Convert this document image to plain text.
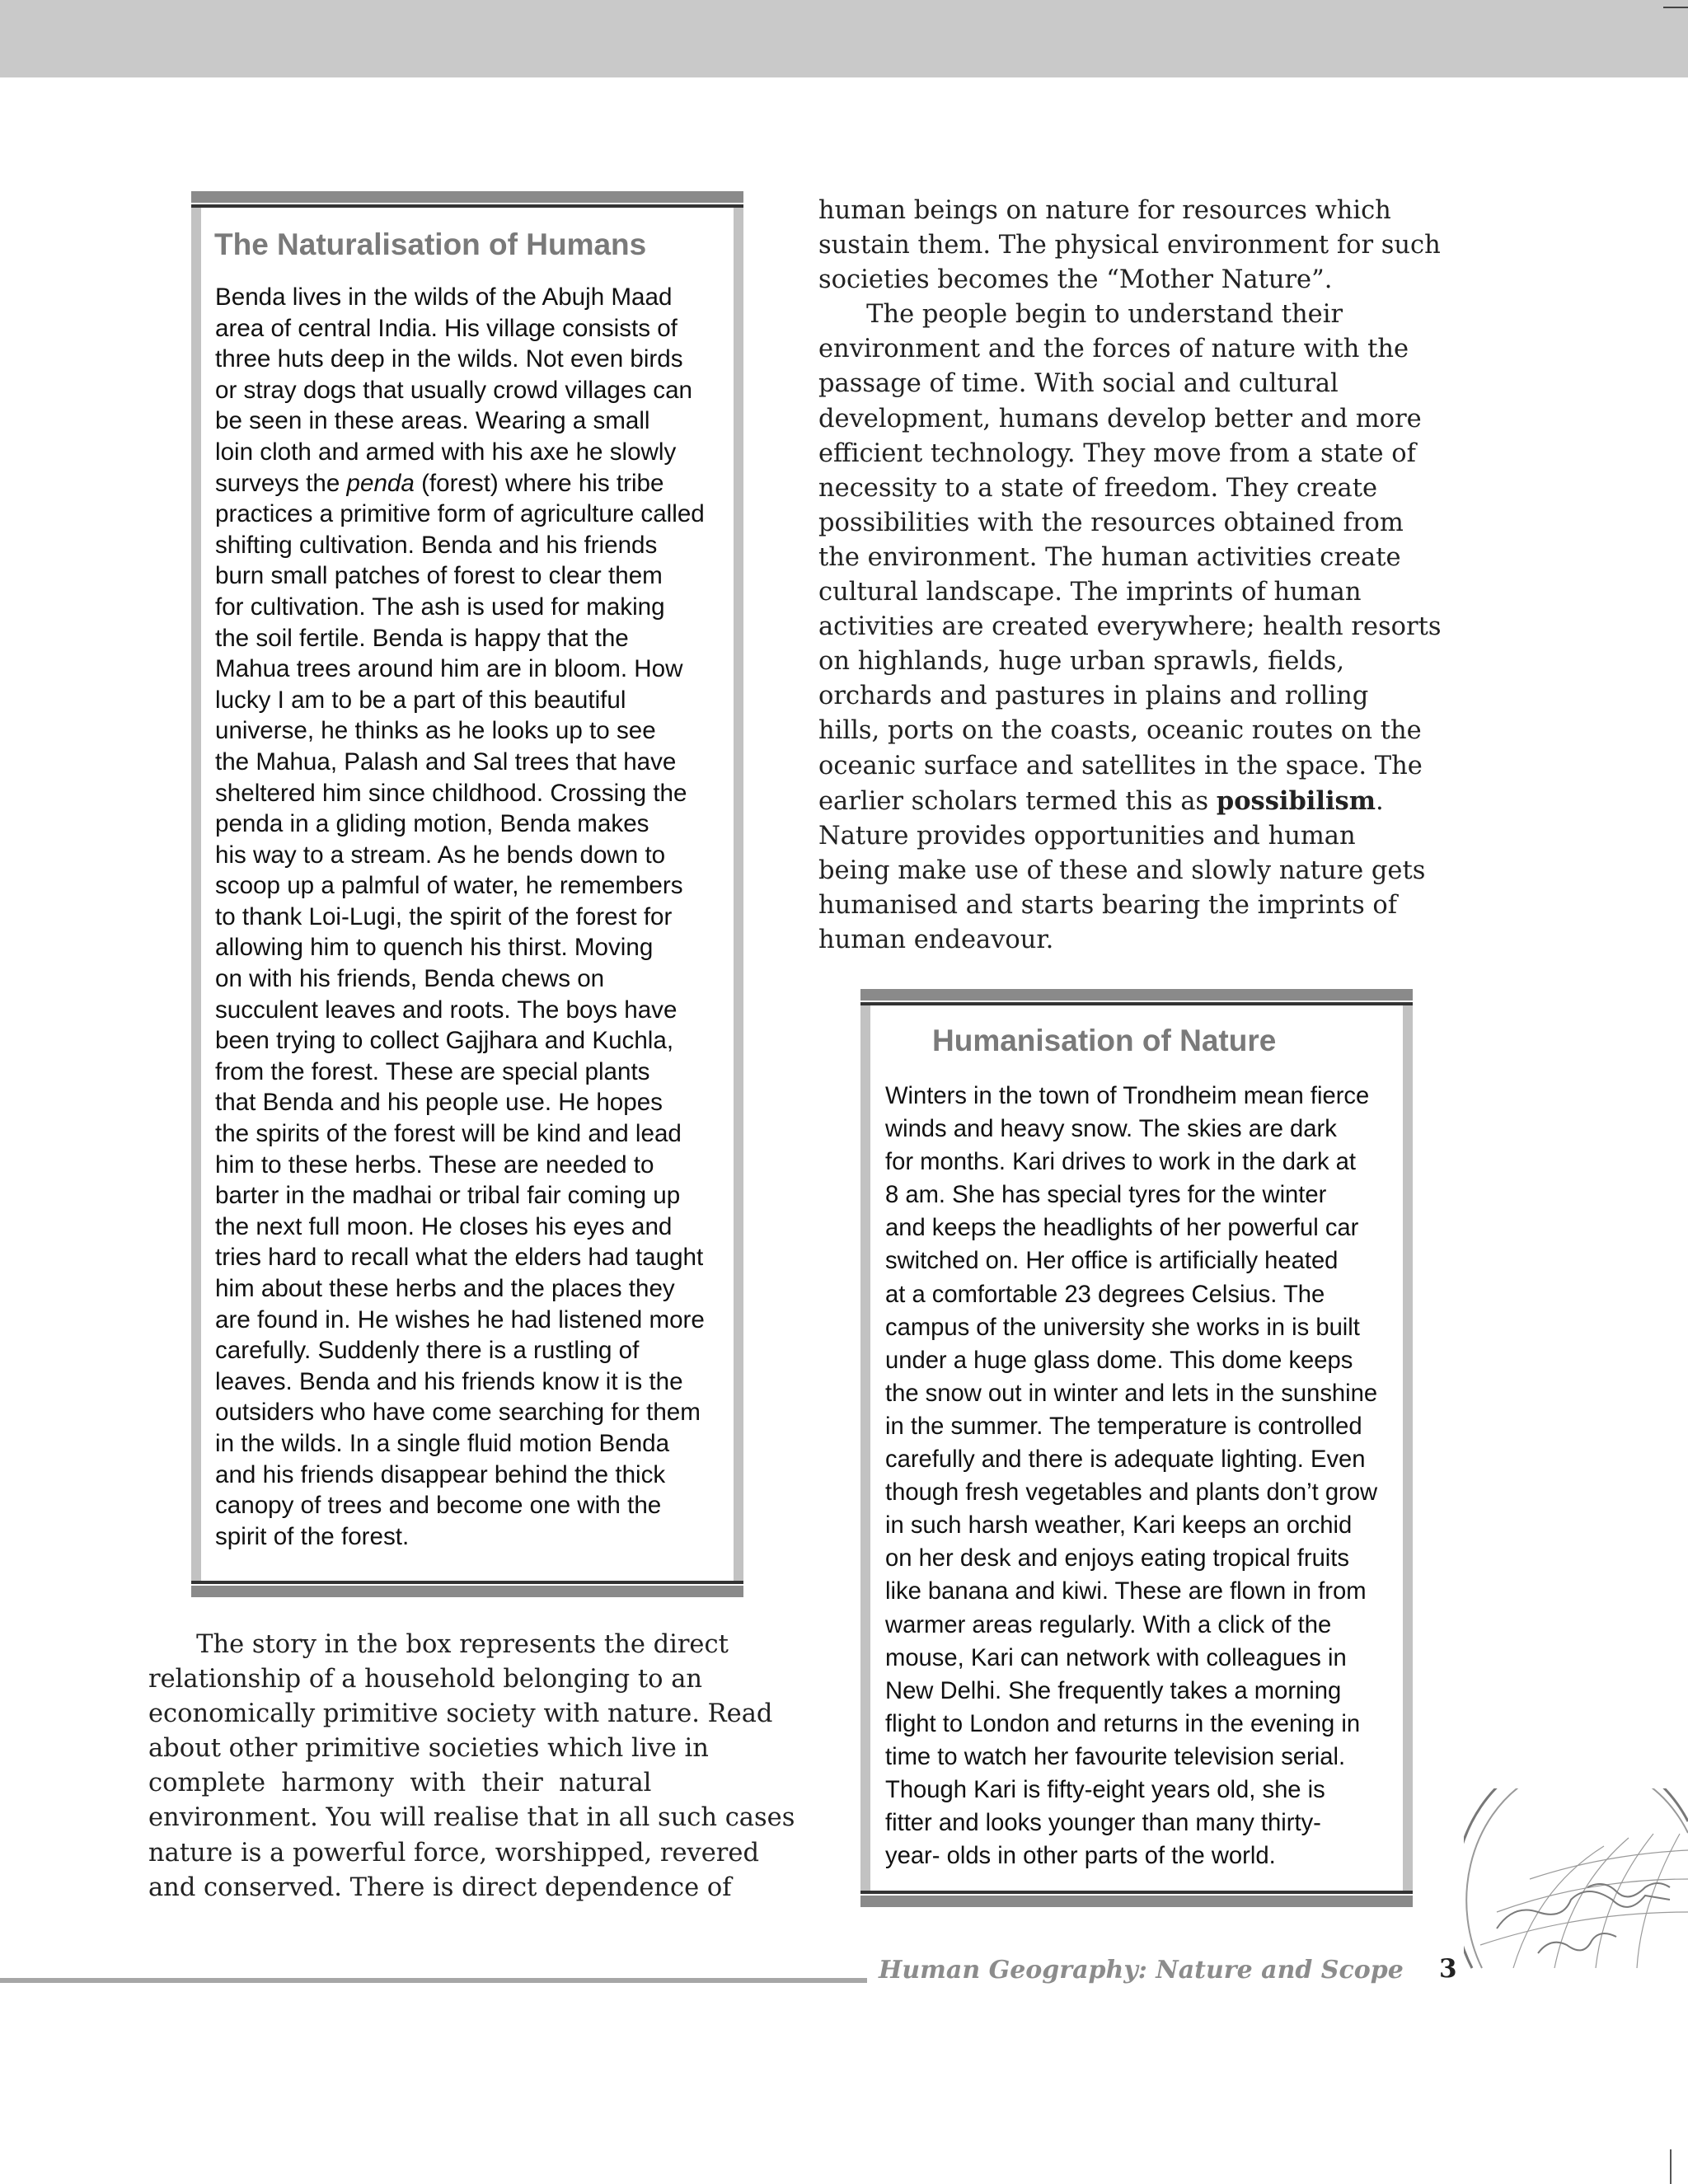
The Naturalisation of Humans
Benda lives in the wilds of the Abujh Maad
area of central India. His village consists of
three huts deep in the wilds. Not even birds
or stray dogs that usually crowd villages can
be seen in these areas. Wearing a small
loin cloth and armed with his axe he slowly
surveys the penda (forest) where his tribe
practices a primitive form of agriculture called
shifting cultivation. Benda and his friends
burn small patches of forest to clear them
for cultivation. The ash is used for making
the soil fertile. Benda is happy that the
Mahua trees around him are in bloom. How
lucky I am to be a part of this beautiful
universe, he thinks as he looks up to see
the Mahua, Palash and Sal trees that have
sheltered him since childhood. Crossing the
penda in a gliding motion, Benda makes
his way to a stream. As he bends down to
scoop up a palmful of water, he remembers
to thank Loi-Lugi, the spirit of the forest for
allowing him to quench his thirst. Moving
on with his friends, Benda chews on
succulent leaves and roots. The boys have
been trying to collect Gajjhara and Kuchla,
from the forest. These are special plants
that Benda and his people use. He hopes
the spirits of the forest will be kind and lead
him to these herbs. These are needed to
barter in the madhai or tribal fair coming up
the next full moon. He closes his eyes and
tries hard to recall what the elders had taught
him about these herbs and the places they
are found in. He wishes he had listened more
carefully. Suddenly there is a rustling of
leaves. Benda and his friends know it is the
outsiders who have come searching for them
in the wilds. In a single fluid motion Benda
and his friends disappear behind the thick
canopy of trees and become one with the
spirit of the forest.
The story in the box represents the direct
relationship of a household belonging to an
economically primitive society with nature. Read
about other primitive societies which live in
complete  harmony  with  their  natural
environment. You will realise that in all such cases
nature is a powerful force, worshipped, revered
and conserved. There is direct dependence of
human beings on nature for resources which
sustain them. The physical environment for such
societies becomes the “Mother Nature”.
The people begin to understand their
environment and the forces of nature with the
passage of time. With social and cultural
development, humans develop better and more
efficient technology. They move from a state of
necessity to a state of freedom. They create
possibilities with the resources obtained from
the environment. The human activities create
cultural landscape. The imprints of human
activities are created everywhere; health resorts
on highlands, huge urban sprawls, fields,
orchards and pastures in plains and rolling
hills, ports on the coasts, oceanic routes on the
oceanic surface and satellites in the space. The
earlier scholars termed this as possibilism.
Nature provides opportunities and human
being make use of these and slowly nature gets
humanised and starts bearing the imprints of
human endeavour.
Humanisation of Nature
Winters in the town of Trondheim mean fierce
winds and heavy snow. The skies are dark
for months. Kari drives to work in the dark at
8 am. She has special tyres for the winter
and keeps the headlights of her powerful car
switched on. Her office is artificially heated
at a comfortable 23 degrees Celsius. The
campus of the university she works in is built
under a huge glass dome. This dome keeps
the snow out in winter and lets in the sunshine
in the summer. The temperature is controlled
carefully and there is adequate lighting. Even
though fresh vegetables and plants don’t grow
in such harsh weather, Kari keeps an orchid
on her desk and enjoys eating tropical fruits
like banana and kiwi. These are flown in from
warmer areas regularly. With a click of the
mouse, Kari can network with colleagues in
New Delhi. She frequently takes a morning
flight to London and returns in the evening in
time to watch her favourite television serial.
Though Kari is fifty-eight years old, she is
fitter and looks younger than many thirty-
year- olds in other parts of the world.
Human Geography: Nature and Scope 3
